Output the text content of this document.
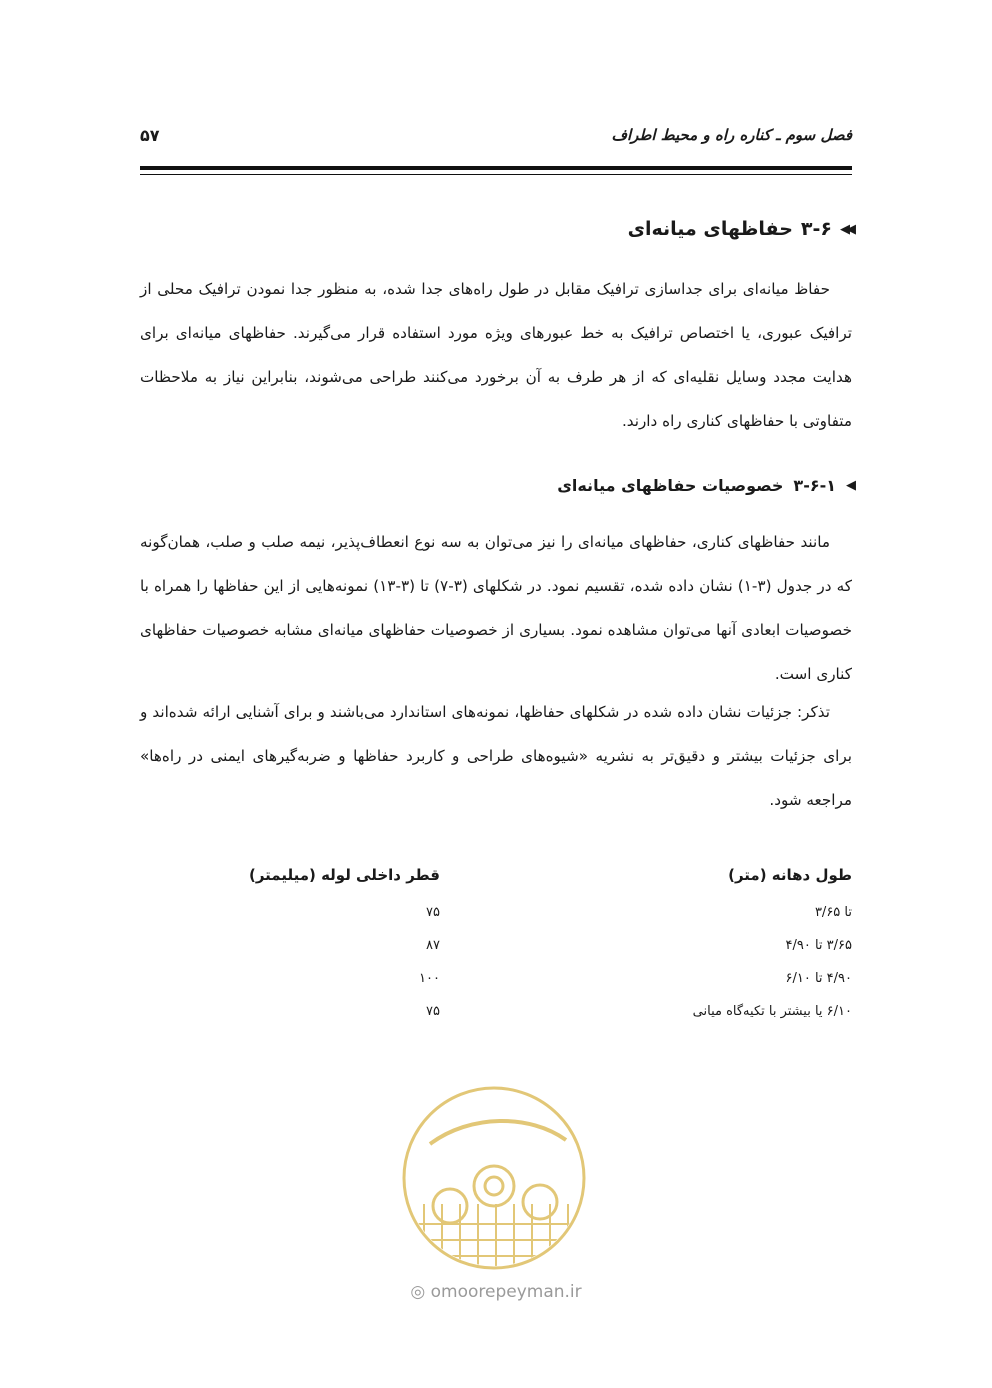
فصل سوم ـ کناره راه و محیط اطراف
۵۷
◀◀
۳-۶
حفاظهای میانه‌ای

حفاظ میانه‌ای برای جداسازی ترافیک مقابل در طول راه‌های جدا شده، به منظور جدا نمودن ترافیک محلی از ترافیک عبوری، یا اختصاص ترافیک به خط عبورهای ویژه مورد استفاده قرار می‌گیرند. حفاظهای میانه‌ای برای هدایت مجدد وسایل نقلیه‌ای که از هر طرف به آن برخورد می‌کنند طراحی می‌شوند، بنابراین نیاز به ملاحظات متفاوتی با حفاظهای کناری راه دارند.

◀
۳-۶-۱
خصوصیات حفاظهای میانه‌ای

مانند حفاظهای کناری، حفاظهای میانه‌ای را نیز می‌توان به سه نوع انعطاف‌پذیر، نیمه صلب و صلب، همان‌گونه که در جدول (۳-۱) نشان داده شده، تقسیم نمود. در شکلهای (۳-۷) تا (۳-۱۳) نمونه‌هایی از این حفاظها را همراه با خصوصیات ابعادی آنها می‌توان مشاهده نمود. بسیاری از خصوصیات حفاظهای میانه‌ای مشابه خصوصیات حفاظهای کناری است.

تذکر: جزئیات نشان داده شده در شکلهای حفاظها، نمونه‌های استاندارد می‌باشند و برای آشنایی ارائه شده‌اند و برای جزئیات بیشتر و دقیق‌تر به نشریه «شیوه‌های طراحی و کاربرد حفاظها و ضربه‌گیرهای ایمنی در راه‌ها» مراجعه شود.

طول دهانه (متر)
تا ۳/۶۵
۳/۶۵ تا ۴/۹۰
۴/۹۰ تا ۶/۱۰
۶/۱۰ یا بیشتر با تکیه‌گاه میانی
قطر داخلی لوله (میلیمتر)
۷۵
۸۷
۱۰۰
۷۵
◎ omoorepeyman.ir
